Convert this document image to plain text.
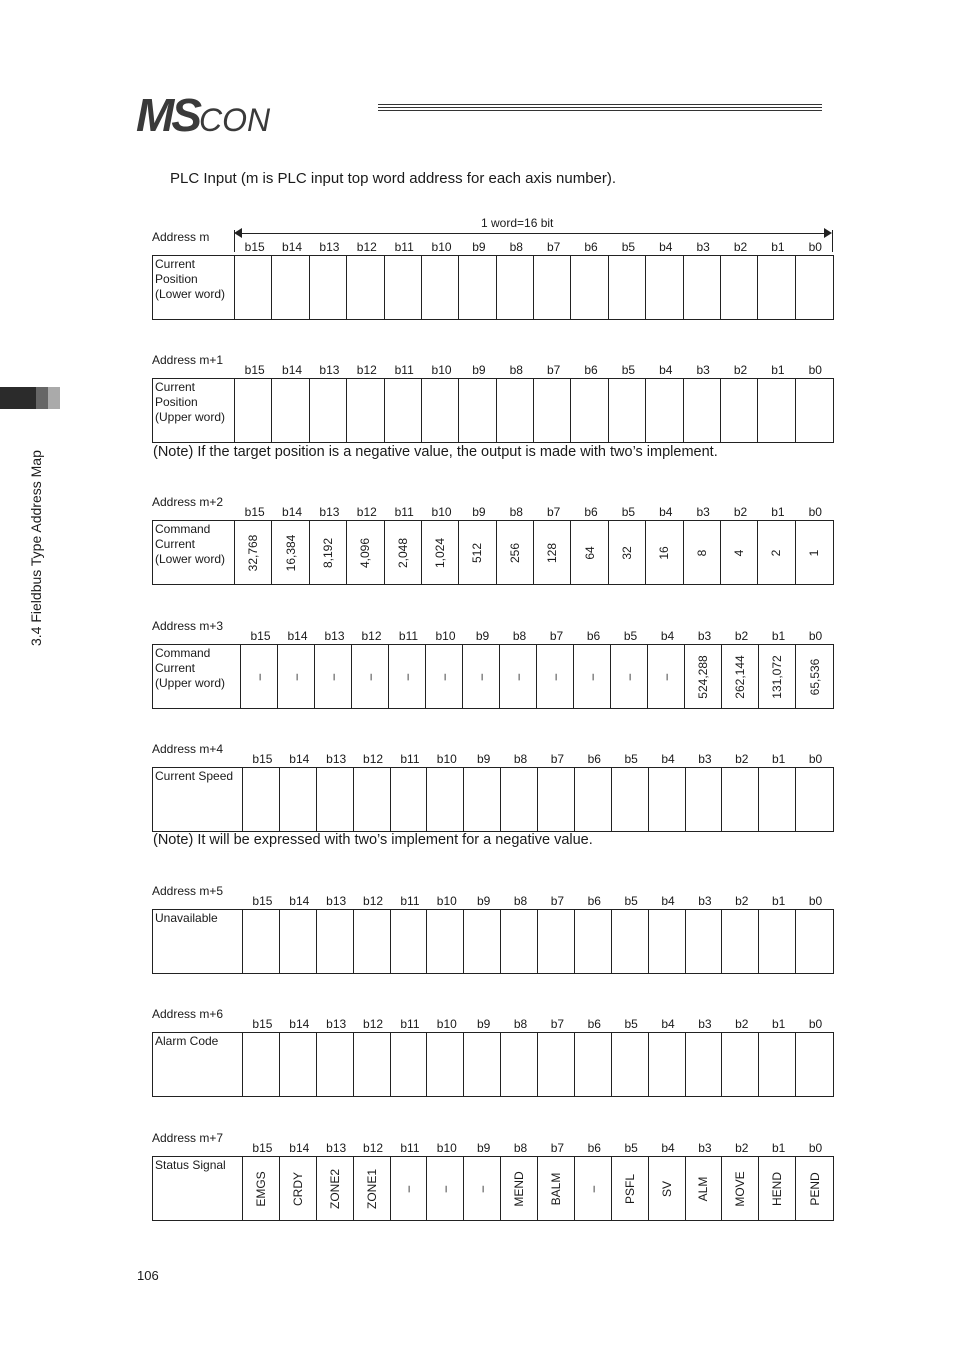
MSCON
3.4 Fieldbus Type Address Map
PLC Input (m is PLC input top word address for each axis number).
1 word=16 bit
Address m
b15	b14	b13	b12	b11	b10	b9	b8	b7	b6	b5	b4	b3	b2	b1	b0
Current
Position
(Lower word)
Address m+1
b15	b14	b13	b12	b11	b10	b9	b8	b7	b6	b5	b4	b3	b2	b1	b0
Current
Position
(Upper word)
Address m+2
b15	b14	b13	b12	b11	b10	b9	b8	b7	b6	b5	b4	b3	b2	b1	b0
Command
Current
(Lower word)	32,768 16,384 8,192 4,096 2,048 1,024 512 256 128 64 32 16 8 4 2 1
Address m+3
b15	b14	b13	b12	b11	b10	b9	b8	b7	b6	b5	b4	b3	b2	b1	b0
Command
Current
(Upper word)	– – – – – – – – – – – – 524,288 262,144 131,072 65,536
Address m+4
b15	b14	b13	b12	b11	b10	b9	b8	b7	b6	b5	b4	b3	b2	b1	b0
Current Speed
Address m+5
b15	b14	b13	b12	b11	b10	b9	b8	b7	b6	b5	b4	b3	b2	b1	b0
Unavailable
Address m+6
b15	b14	b13	b12	b11	b10	b9	b8	b7	b6	b5	b4	b3	b2	b1	b0
Alarm Code
Address m+7
b15	b14	b13	b12	b11	b10	b9	b8	b7	b6	b5	b4	b3	b2	b1	b0
Status Signal
EMGS CRDY ZONE2 ZONE1 – – – MEND BALM – PSFL SV ALM MOVE HEND PEND
(Note) If the target position is a negative value, the output is made with two’s implement.
(Note) It will be expressed with two’s implement for a negative value.
106
